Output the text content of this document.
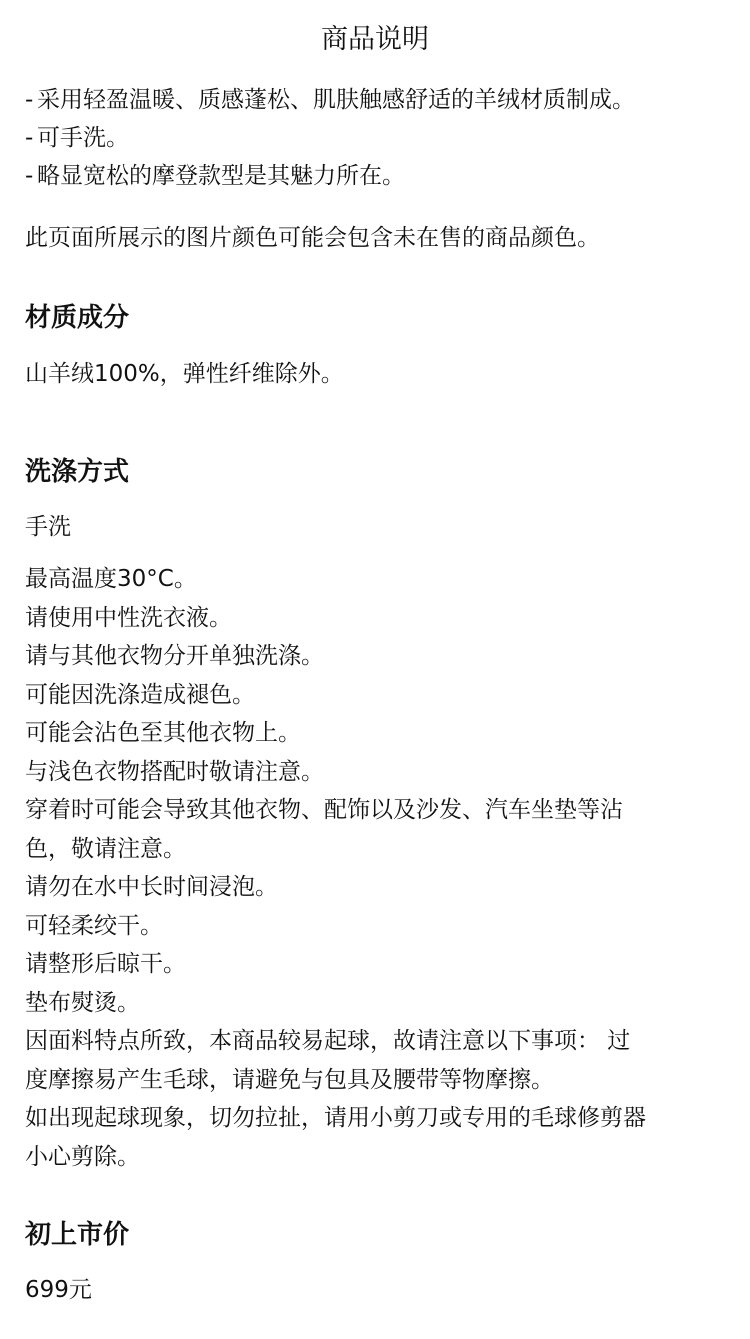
商品说明
- 采用轻盈温暖、质感蓬松、肌肤触感舒适的羊绒材质制成。
- 可手洗。
- 略显宽松的摩登款型是其魅力所在。
此页面所展示的图片颜色可能会包含未在售的商品颜色。
材质成分
山羊绒100%，弹性纤维除外。
洗涤方式
手洗
最高温度30°C。
请使用中性洗衣液。
请与其他衣物分开单独洗涤。
可能因洗涤造成褪色。
可能会沾色至其他衣物上。
与浅色衣物搭配时敬请注意。
穿着时可能会导致其他衣物、配饰以及沙发、汽车坐垫等沾
色，敬请注意。
请勿在水中长时间浸泡。
可轻柔绞干。
请整形后晾干。
垫布熨烫。
因面料特点所致，本商品较易起球，故请注意以下事项： 过
度摩擦易产生毛球，请避免与包具及腰带等物摩擦。
如出现起球现象，切勿拉扯，请用小剪刀或专用的毛球修剪器
小心剪除。
初上市价
699元
